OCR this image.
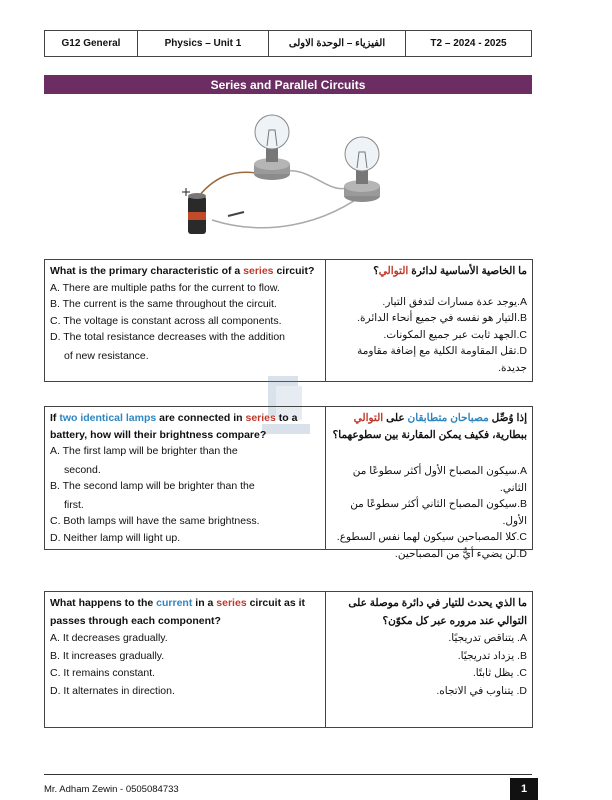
G12 General	Physics – Unit 1	الفيزياء – الوحدة الاولى	T2 – 2024 - 2025
Series and Parallel Circuits
What is the primary characteristic of a series circuit?
A. There are multiple paths for the current to flow.
B. The current is the same throughout the circuit.
C. The voltage is constant across all components.
D. The total resistance decreases with the addition
of new resistance.
ما الخاصية الأساسية لدائرة التوالي؟
A.يوجد عدة مسارات لتدفق التيار.
B.التيار هو نفسه في جميع أنحاء الدائرة.
C.الجهد ثابت عبر جميع المكونات.
D.تقل المقاومة الكلية مع إضافة مقاومة جديدة.
If two identical lamps are connected in series to a battery, how will their brightness compare?
A. The first lamp will be brighter than the
second.
B. The second lamp will be brighter than the
first.
C. Both lamps will have the same brightness.
D. Neither lamp will light up.
إذا وُصِّل مصباحان متطابقان على التوالي ببطارية، فكيف يمكن المقارنة بين سطوعهما؟
A.سيكون المصباح الأول أكثر سطوعًا من الثاني.
B.سيكون المصباح الثاني أكثر سطوعًا من الأول.
C.كلا المصباحين سيكون لهما نفس السطوع.
D.لن يضيء أيٌّ من المصباحين.
What happens to the current in a series circuit as it passes through each component?
A. It decreases gradually.
B. It increases gradually.
C. It remains constant.
D. It alternates in direction.
ما الذي يحدث للتيار في دائرة موصلة على التوالي عند مروره عبر كل مكوّن؟
A. يتناقص تدريجيًا.
B. يزداد تدريجيًا.
C. يظل ثابتًا.
D. يتناوب في الاتجاه.
Mr. Adham Zewin - 0505084733	1
